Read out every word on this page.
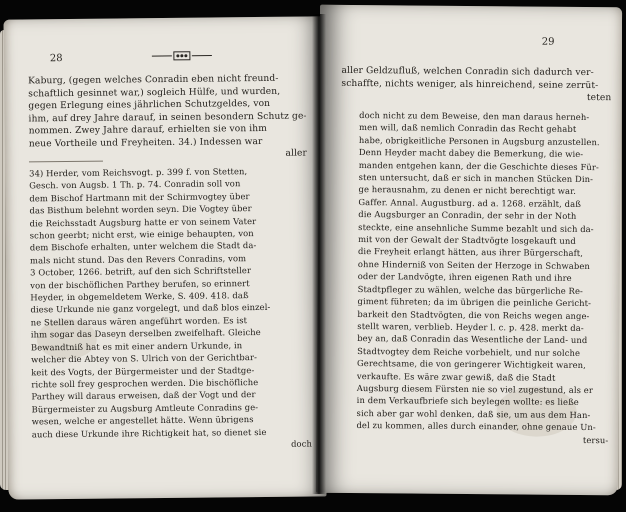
28
Kaburg, (gegen welches Conradin eben nicht freund-
schaftlich gesinnet war,) sogleich Hülfe, und wurden,
gegen Erlegung eines jährlichen Schutzgeldes, von
ihm, auf drey Jahre darauf, in seinen besondern Schutz ge-
nommen. Zwey Jahre darauf, erhielten sie von ihm
neue Vortheile und Freyheiten. 34.) Indessen war
aller
34) Herder, vom Reichsvogt. p. 399 f. von Stetten,
Gesch. von Augsb. 1 Th. p. 74. Conradin soll von
dem Bischof Hartmann mit der Schirmvogtey über
das Bisthum belehnt worden seyn. Die Vogtey über
die Reichsstadt Augsburg hatte er von seinem Vater
schon geerbt; nicht erst, wie einige behaupten, von
dem Bischofe erhalten, unter welchem die Stadt da-
mals nicht stund. Das den Revers Conradins, vom
3 October, 1266. betrift, auf den sich Schriftsteller
von der bischöflichen Parthey berufen, so erinnert
Heyder, in obgemeldetem Werke, S. 409. 418. daß
diese Urkunde nie ganz vorgelegt, und daß blos einzel-
ne Stellen daraus wären angeführt worden. Es ist
ihm sogar das Daseyn derselben zweifelhaft. Gleiche
Bewandtniß hat es mit einer andern Urkunde, in
welcher die Abtey von S. Ulrich von der Gerichtbar-
keit des Vogts, der Bürgermeister und der Stadtge-
richte soll frey gesprochen werden. Die bischöfliche
Parthey will daraus erweisen, daß der Vogt und der
Bürgermeister zu Augsburg Amtleute Conradins ge-
wesen, welche er angestellet hätte. Wenn übrigens
auch diese Urkunde ihre Richtigkeit hat, so dienet sie
doch
29
aller Geldzufluß, welchen Conradin sich dadurch ver-
schaffte, nichts weniger, als hinreichend, seine zerrüt-
teten
doch nicht zu dem Beweise, den man daraus herneh-
men will, daß nemlich Conradin das Recht gehabt
habe, obrigkeitliche Personen in Augsburg anzustellen.
Denn Heyder macht dabey die Bemerkung, die wie-
manden entgehen kann, der die Geschichte dieses Für-
sten untersucht, daß er sich in manchen Stücken Din-
ge herausnahm, zu denen er nicht berechtigt war.
Gaffer. Annal. Augustburg. ad a. 1268. erzählt, daß
die Augsburger an Conradin, der sehr in der Noth
steckte, eine ansehnliche Summe bezahlt und sich da-
mit von der Gewalt der Stadtvögte losgekauft und
die Freyheit erlangt hätten, aus ihrer Bürgerschaft,
ohne Hinderniß von Seiten der Herzoge in Schwaben
oder der Landvögte, ihren eigenen Rath und ihre
Stadtpfleger zu wählen, welche das bürgerliche Re-
giment führeten; da im übrigen die peinliche Gericht-
barkeit den Stadtvögten, die von Reichs wegen ange-
stellt waren, verblieb. Heyder l. c. p. 428. merkt da-
bey an, daß Conradin das Wesentliche der Land- und
Stadtvogtey dem Reiche vorbehielt, und nur solche
Gerechtsame, die von geringerer Wichtigkeit waren,
verkaufte. Es wäre zwar gewiß, daß die Stadt
Augsburg diesem Fürsten nie so viel zugestund, als er
in dem Verkaufbriefe sich beylegen wollte: es ließe
sich aber gar wohl denken, daß sie, um aus dem Han-
del zu kommen, alles durch einander, ohne genaue Un-
tersu-
